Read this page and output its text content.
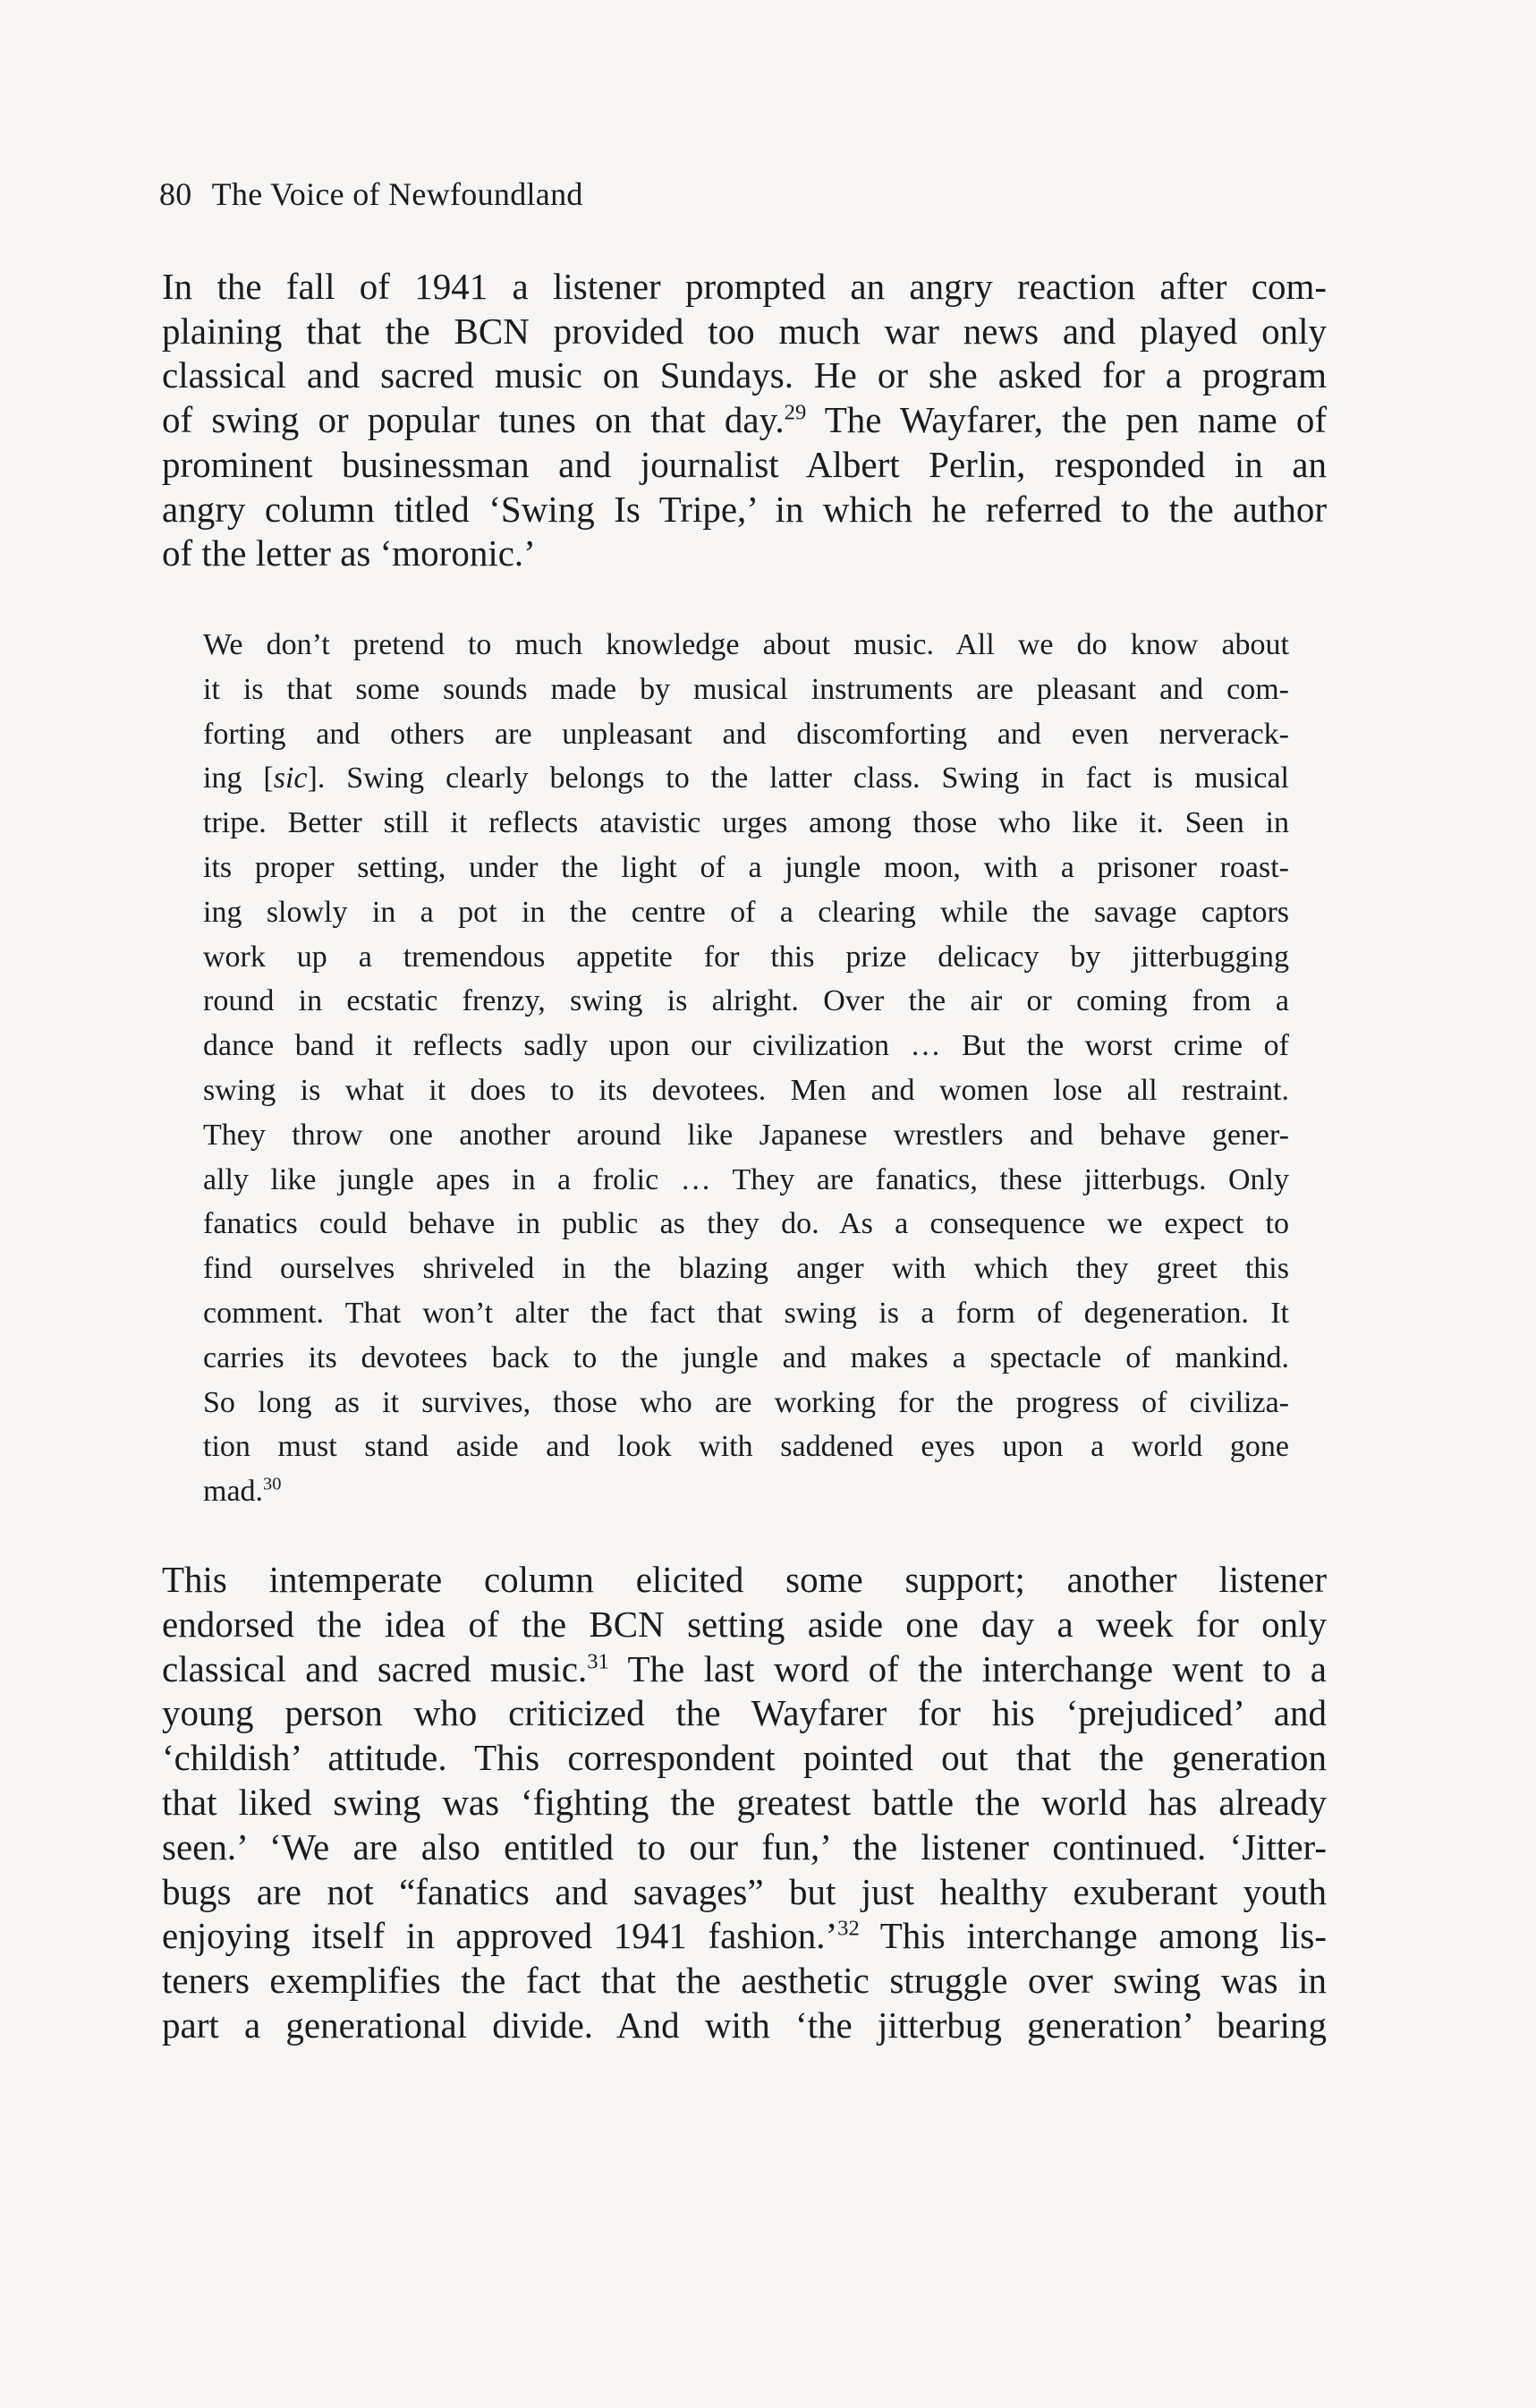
80 The Voice of Newfoundland
In the fall of 1941 a listener prompted an angry reaction after com-
plaining that the BCN provided too much war news and played only
classical and sacred music on Sundays. He or she asked for a program
of swing or popular tunes on that day.$^{29}$ The Wayfarer, the pen name of
prominent businessman and journalist Albert Perlin, responded in an
angry column titled ‘Swing Is Tripe,’ in which he referred to the author
of the letter as ‘moronic.’
We don’t pretend to much knowledge about music. All we do know about
it is that some sounds made by musical instruments are pleasant and com-
forting and others are unpleasant and discomforting and even nerverack-
ing [sic]. Swing clearly belongs to the latter class. Swing in fact is musical
tripe. Better still it reflects atavistic urges among those who like it. Seen in
its proper setting, under the light of a jungle moon, with a prisoner roast-
ing slowly in a pot in the centre of a clearing while the savage captors
work up a tremendous appetite for this prize delicacy by jitterbugging
round in ecstatic frenzy, swing is alright. Over the air or coming from a
dance band it reflects sadly upon our civilization … But the worst crime of
swing is what it does to its devotees. Men and women lose all restraint.
They throw one another around like Japanese wrestlers and behave gener-
ally like jungle apes in a frolic … They are fanatics, these jitterbugs. Only
fanatics could behave in public as they do. As a consequence we expect to
find ourselves shriveled in the blazing anger with which they greet this
comment. That won’t alter the fact that swing is a form of degeneration. It
carries its devotees back to the jungle and makes a spectacle of mankind.
So long as it survives, those who are working for the progress of civiliza-
tion must stand aside and look with saddened eyes upon a world gone
mad.$^{30}$
This intemperate column elicited some support; another listener
endorsed the idea of the BCN setting aside one day a week for only
classical and sacred music.$^{31}$ The last word of the interchange went to a
young person who criticized the Wayfarer for his ‘prejudiced’ and
‘childish’ attitude. This correspondent pointed out that the generation
that liked swing was ‘fighting the greatest battle the world has already
seen.’ ‘We are also entitled to our fun,’ the listener continued. ‘Jitter-
bugs are not “fanatics and savages” but just healthy exuberant youth
enjoying itself in approved 1941 fashion.’$^{32}$ This interchange among lis-
teners exemplifies the fact that the aesthetic struggle over swing was in
part a generational divide. And with ‘the jitterbug generation’ bearing
